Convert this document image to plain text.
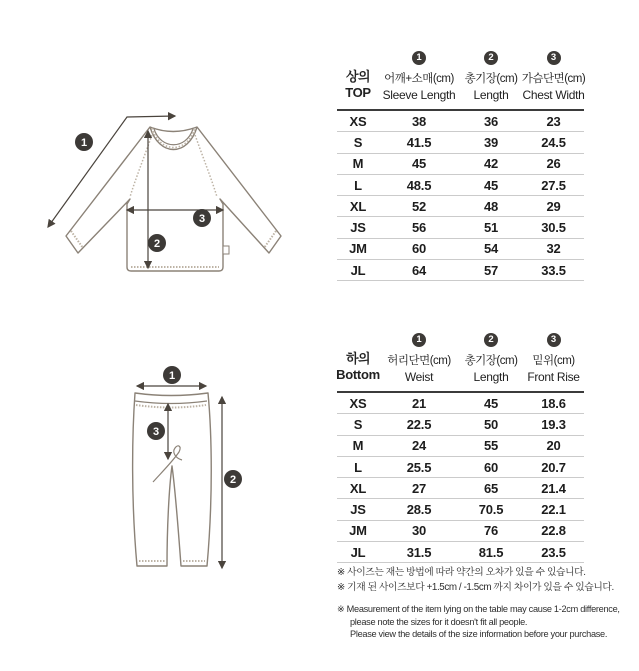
1
2
3
1
2
3
상의
TOP
1
어깨+소매(cm)
Sleeve Length
2
총기장(cm)
Length
3
가슴단면(cm)
Chest Width
XS	38	36	23
S	41.5	39	24.5
M	45	42	26
L	48.5	45	27.5
XL	52	48	29
JS	56	51	30.5
JM	60	54	32
JL	64	57	33.5
하의
Bottom
1
허리단면(cm)
Weist
2
총기장(cm)
Length
3
밑위(cm)
Front Rise
XS	21	45	18.6
S	22.5	50	19.3
M	24	55	20
L	25.5	60	20.7
XL	27	65	21.4
JS	28.5	70.5	22.1
JM	30	76	22.8
JL	31.5	81.5	23.5
※ 사이즈는 재는 방법에 따라 약간의 오차가 있을 수 있습니다.
※ 기재 된 사이즈보다 +1.5cm / -1.5cm 까지 차이가 있을 수 있습니다.
※ Measurement of the item lying on the table may cause 1-2cm difference,
please note the sizes for it doesn't fit all people.
Please view the details of the size information before your purchase.
